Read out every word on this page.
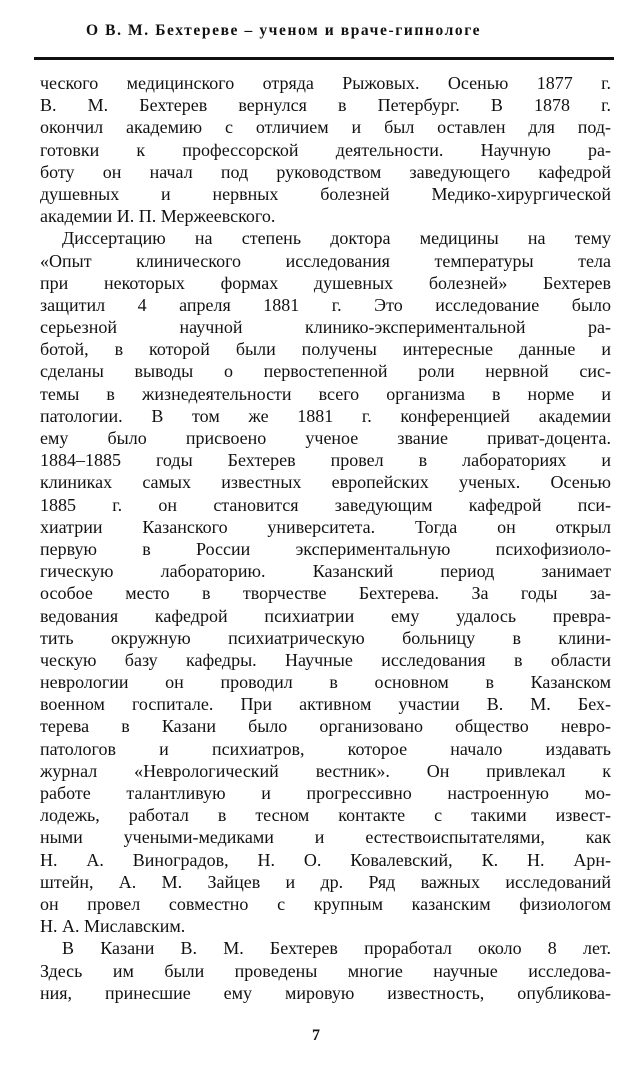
О В. М. Бехтереве – ученом и враче-гипнологе
ческого медицинского отряда Рыжовых. Осенью 1877 г.
В. М. Бехтерев вернулся в Петербург. В 1878 г.
окончил академию с отличием и был оставлен для под-
готовки к профессорской деятельности. Научную ра-
боту он начал под руководством заведующего кафедрой
душевных и нервных болезней Медико-хирургической
академии И. П. Мержеевского.
Диссертацию на степень доктора медицины на тему
«Опыт клинического исследования температуры тела
при некоторых формах душевных болезней» Бехтерев
защитил 4 апреля 1881 г. Это исследование было
серьезной научной клинико-экспериментальной ра-
ботой, в которой были получены интересные данные и
сделаны выводы о первостепенной роли нервной сис-
темы в жизнедеятельности всего организма в норме и
патологии. В том же 1881 г. конференцией академии
ему было присвоено ученое звание приват-доцента.
1884–1885 годы Бехтерев провел в лабораториях и
клиниках самых известных европейских ученых. Осенью
1885 г. он становится заведующим кафедрой пси-
хиатрии Казанского университета. Тогда он открыл
первую в России экспериментальную психофизиоло-
гическую лабораторию. Казанский период занимает
особое место в творчестве Бехтерева. За годы за-
ведования кафедрой психиатрии ему удалось превра-
тить окружную психиатрическую больницу в клини-
ческую базу кафедры. Научные исследования в области
неврологии он проводил в основном в Казанском
военном госпитале. При активном участии В. М. Бех-
терева в Казани было организовано общество невро-
патологов и психиатров, которое начало издавать
журнал «Неврологический вестник». Он привлекал к
работе талантливую и прогрессивно настроенную мо-
лодежь, работал в тесном контакте с такими извест-
ными учеными-медиками и естествоиспытателями, как
Н. А. Виноградов, Н. О. Ковалевский, К. Н. Арн-
штейн, А. М. Зайцев и др. Ряд важных исследований
он провел совместно с крупным казанским физиологом
Н. А. Миславским.
В Казани В. М. Бехтерев проработал около 8 лет.
Здесь им были проведены многие научные исследова-
ния, принесшие ему мировую известность, опубликова-
7
